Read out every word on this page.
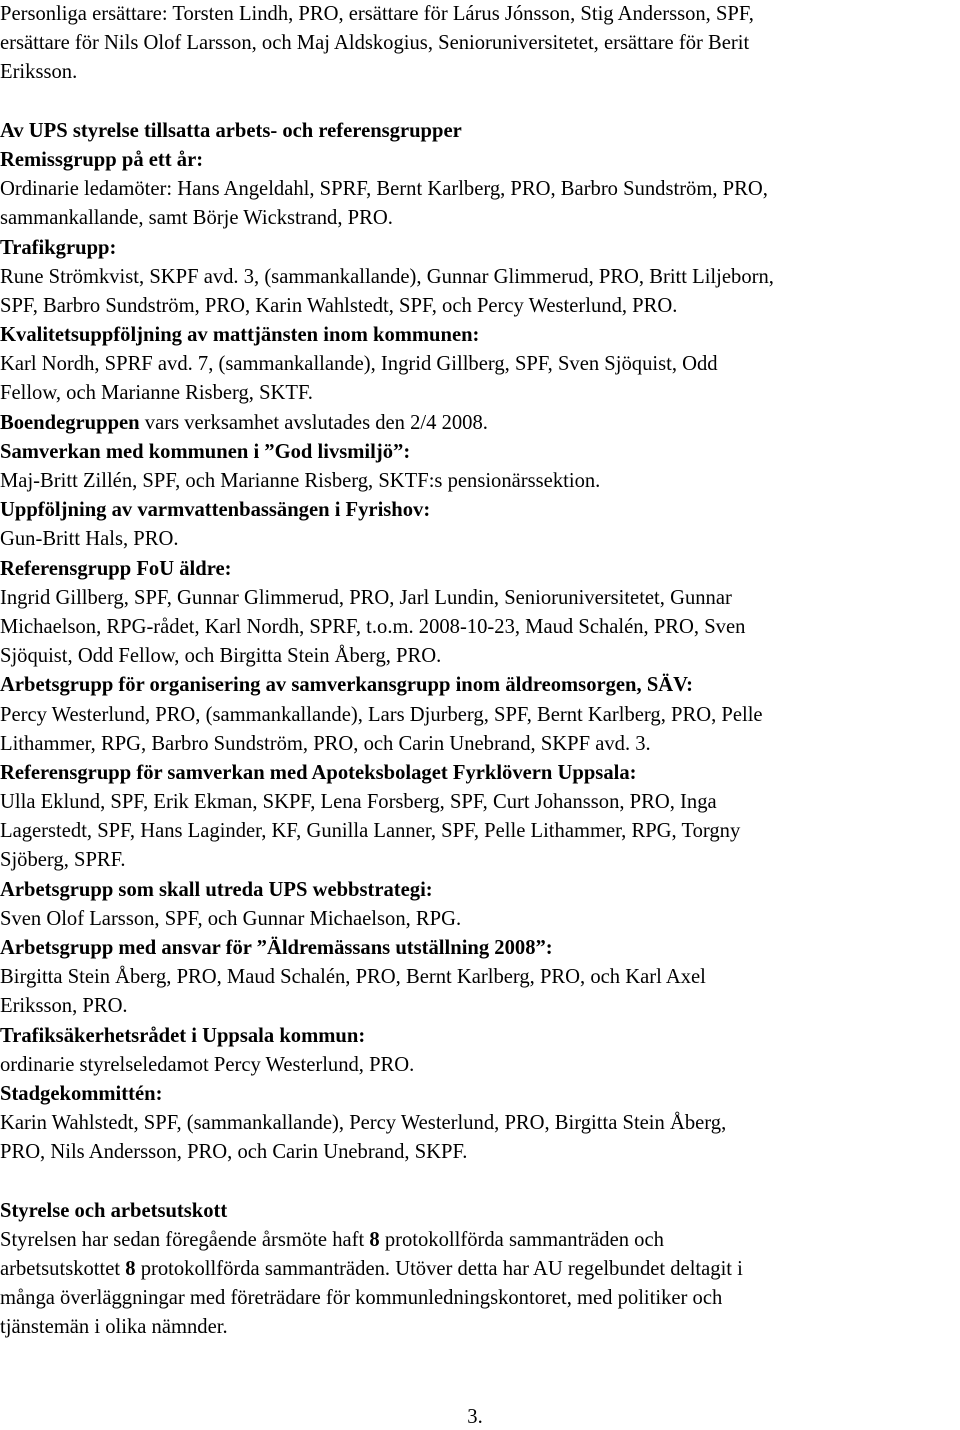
Personliga ersättare: Torsten Lindh, PRO, ersättare för Lárus Jónsson, Stig Andersson, SPF,
ersättare för Nils Olof Larsson, och Maj Aldskogius, Senioruniversitetet, ersättare för Berit
Eriksson.
Av UPS styrelse tillsatta arbets- och referensgrupper
Remissgrupp på ett år:
Ordinarie ledamöter: Hans Angeldahl, SPRF, Bernt Karlberg, PRO, Barbro Sundström, PRO,
sammankallande, samt Börje Wickstrand, PRO.
Trafikgrupp:
Rune Strömkvist, SKPF avd. 3, (sammankallande), Gunnar Glimmerud, PRO, Britt Liljeborn,
SPF, Barbro Sundström, PRO, Karin Wahlstedt, SPF, och Percy Westerlund, PRO.
Kvalitetsuppföljning av mattjänsten inom kommunen:
Karl Nordh, SPRF avd. 7, (sammankallande), Ingrid Gillberg, SPF, Sven Sjöquist, Odd
Fellow, och Marianne Risberg, SKTF.
Boendegruppen vars verksamhet avslutades den 2/4 2008.
Samverkan med kommunen i ”God livsmiljö”:
Maj-Britt Zillén, SPF, och Marianne Risberg, SKTF:s pensionärssektion.
Uppföljning av varmvattenbassängen i Fyrishov:
Gun-Britt Hals, PRO.
Referensgrupp FoU äldre:
Ingrid Gillberg, SPF, Gunnar Glimmerud, PRO, Jarl Lundin, Senioruniversitetet, Gunnar
Michaelson, RPG-rådet, Karl Nordh, SPRF, t.o.m. 2008-10-23, Maud Schalén, PRO, Sven
Sjöquist, Odd Fellow, och Birgitta Stein Åberg, PRO.
Arbetsgrupp för organisering av samverkansgrupp inom äldreomsorgen, SÄV:
Percy Westerlund, PRO, (sammankallande), Lars Djurberg, SPF, Bernt Karlberg, PRO, Pelle
Lithammer, RPG, Barbro Sundström, PRO, och Carin Unebrand, SKPF avd. 3.
Referensgrupp för samverkan med Apoteksbolaget Fyrklövern Uppsala:
Ulla Eklund, SPF, Erik Ekman, SKPF, Lena Forsberg, SPF, Curt Johansson, PRO, Inga
Lagerstedt, SPF, Hans Laginder, KF, Gunilla Lanner, SPF, Pelle Lithammer, RPG, Torgny
Sjöberg, SPRF.
Arbetsgrupp som skall utreda UPS webbstrategi:
Sven Olof Larsson, SPF, och Gunnar Michaelson, RPG.
Arbetsgrupp med ansvar för ”Äldremässans utställning 2008”:
Birgitta Stein Åberg, PRO, Maud Schalén, PRO, Bernt Karlberg, PRO, och Karl Axel
Eriksson, PRO.
Trafiksäkerhetsrådet i Uppsala kommun:
ordinarie styrelseledamot Percy Westerlund, PRO.
Stadgekommittén:
Karin Wahlstedt, SPF, (sammankallande), Percy Westerlund, PRO, Birgitta Stein Åberg,
PRO, Nils Andersson, PRO, och Carin Unebrand, SKPF.
Styrelse och arbetsutskott
Styrelsen har sedan föregående årsmöte haft 8 protokollförda sammanträden och
arbetsutskottet 8 protokollförda sammanträden. Utöver detta har AU regelbundet deltagit i
många överläggningar med företrädare för kommunledningskontoret, med politiker och
tjänstemän i olika nämnder.
3.
